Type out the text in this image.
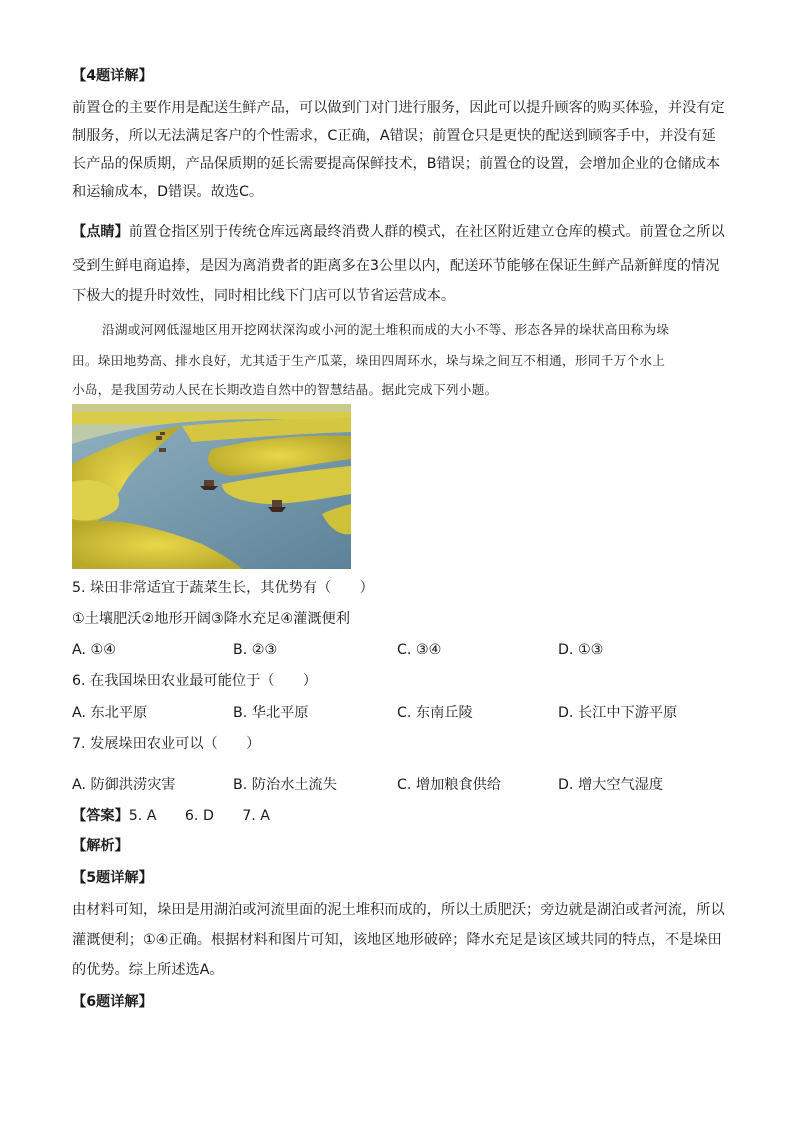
【4题详解】
前置仓的主要作用是配送生鲜产品，可以做到门对门进行服务，因此可以提升顾客的购买体验，并没有定
制服务，所以无法满足客户的个性需求，C正确，A错误；前置仓只是更快的配送到顾客手中，并没有延
长产品的保质期，产品保质期的延长需要提高保鲜技术，B错误；前置仓的设置，会增加企业的仓储成本
和运输成本，D错误。故选C。
【点睛】前置仓指区别于传统仓库远离最终消费人群的模式，在社区附近建立仓库的模式。前置仓之所以
受到生鲜电商追捧，是因为离消费者的距离多在3公里以内，配送环节能够在保证生鲜产品新鲜度的情况
下极大的提升时效性，同时相比线下门店可以节省运营成本。
沿湖或河网低湿地区用开挖网状深沟或小河的泥土堆积而成的大小不等、形态各异的垛状高田称为垛
田。垛田地势高、排水良好，尤其适于生产瓜菜，垛田四周环水，垛与垛之间互不相通，形同千万个水上
小岛，是我国劳动人民在长期改造自然中的智慧结晶。据此完成下列小题。
5. 垛田非常适宜于蔬菜生长，其优势有（　　）
①土壤肥沃②地形开阔③降水充足④灌溉便利
A. ①④	B. ②③	C. ③④	D. ①③
6. 在我国垛田农业最可能位于（　　）
A. 东北平原	B. 华北平原	C. 东南丘陵	D. 长江中下游平原
7. 发展垛田农业可以（　　）
A. 防御洪涝灾害	B. 防治水土流失	C. 增加粮食供给	D. 增大空气湿度
【答案】5. A　　6. D　　7. A
【解析】
【5题详解】
由材料可知，垛田是用湖泊或河流里面的泥土堆积而成的，所以土质肥沃；旁边就是湖泊或者河流，所以
灌溉便利；①④正确。根据材料和图片可知，该地区地形破碎；降水充足是该区域共同的特点，不是垛田
的优势。综上所述选A。
【6题详解】
